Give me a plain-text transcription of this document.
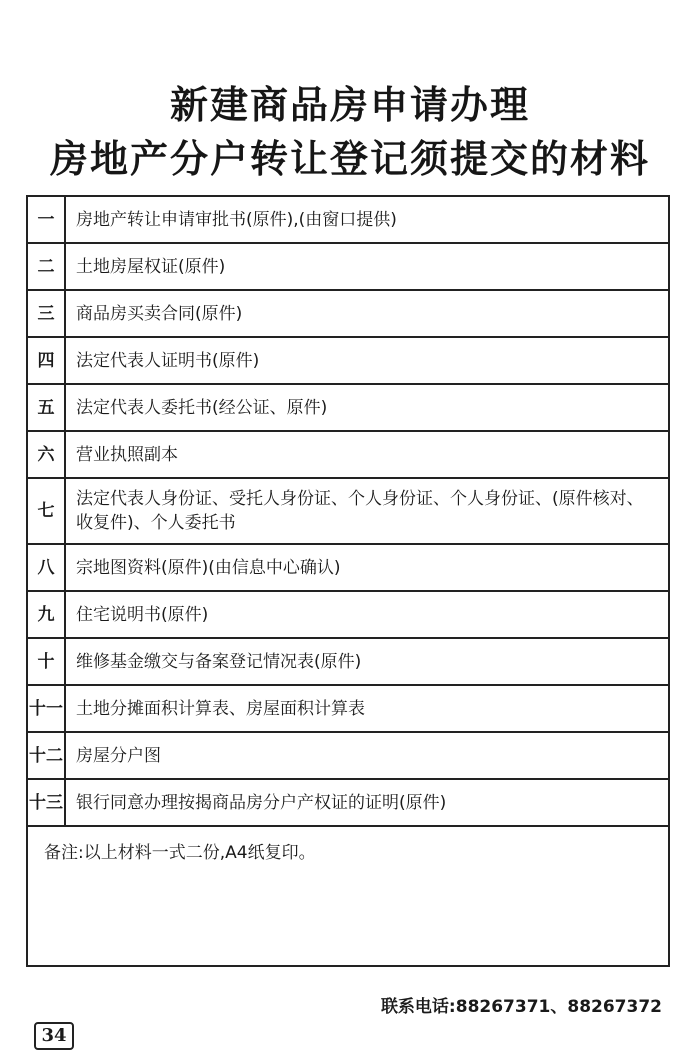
新建商品房申请办理
房地产分户转让登记须提交的材料
一	房地产转让申请审批书(原件),(由窗口提供)
二	土地房屋权证(原件)
三	商品房买卖合同(原件)
四	法定代表人证明书(原件)
五	法定代表人委托书(经公证、原件)
六	营业执照副本
七	法定代表人身份证、受托人身份证、个人身份证、个人身份证、(原件核对、收复件)、个人委托书
八	宗地图资料(原件)(由信息中心确认)
九	住宅说明书(原件)
十	维修基金缴交与备案登记情况表(原件)
十一	土地分摊面积计算表、房屋面积计算表
十二	房屋分户图
十三	银行同意办理按揭商品房分户产权证的证明(原件)
备注:以上材料一式二份,A4纸复印。	
联系电话:88267371、88267372
34
